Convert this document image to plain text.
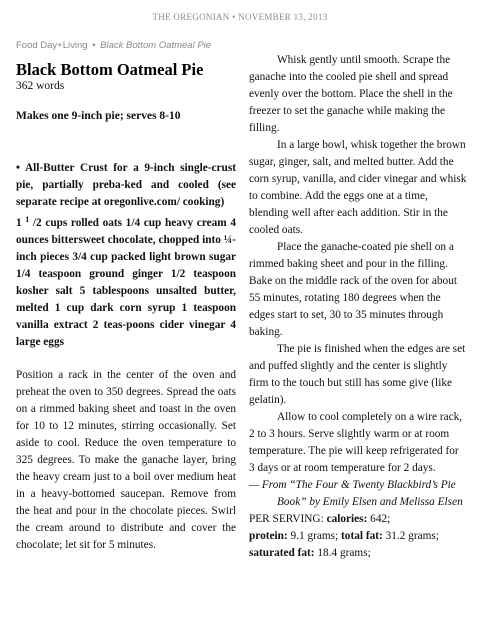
THE OREGONIAN • NOVEMBER 13, 2013
Food Day+Living • Black Bottom Oatmeal Pie
Black Bottom Oatmeal Pie

362 words

Makes one 9-inch pie; serves 8-10

• All-Butter Crust for a 9-inch single-crust pie, partially preba-ked and cooled (see separate recipe at oregonlive.com/ cooking)

1 $^1$ /2 cups rolled oats 1/4 cup heavy cream 4 ounces bittersweet chocolate, chopped into ¼-inch pieces 3/4 cup packed light brown sugar 1/4 teaspoon ground ginger 1/2 teaspoon kosher salt 5 tablespoons unsalted butter, melted 1 cup dark corn syrup 1 teaspoon vanilla extract 2 teas-poons cider vinegar 4 large eggs

Position a rack in the center of the oven and preheat the oven to 350 degrees. Spread the oats on a rimmed baking sheet and toast in the oven for 10 to 12 minutes, stirring occasionally. Set aside to cool. Reduce the oven temperature to 325 degrees. To make the ganache layer, bring the heavy cream just to a boil over medium heat in a heavy-bottomed saucepan. Remove from the heat and pour in the chocolate pieces. Swirl the cream around to distribute and cover the chocolate; let sit for 5 minutes.

Whisk gently until smooth. Scrape the ganache into the cooled pie shell and spread evenly over the bottom. Place the shell in the freezer to set the ganache while making the filling.

In a large bowl, whisk together the brown sugar, ginger, salt, and melted butter. Add the corn syrup, vanilla, and cider vinegar and whisk to combine. Add the eggs one at a time, blending well after each addition. Stir in the cooled oats.

Place the ganache-coated pie shell on a rimmed baking sheet and pour in the filling. Bake on the middle rack of the oven for about 55 minutes, rotating 180 degrees when the edges start to set, 30 to 35 minutes through baking.

The pie is finished when the edges are set and puffed slightly and the center is slightly firm to the touch but still has some give (like gelatin).

Allow to cool completely on a wire rack, 2 to 3 hours. Serve slightly warm or at room temperature. The pie will keep refrigerated for 3 days or at room temperature for 2 days.

— From “The Four & Twenty Blackbird’s Pie

Book” by Emily Elsen and Melissa Elsen

PER SERVING: calories: 642;
protein: 9.1 grams; total fat: 31.2 grams; saturated fat: 18.4 grams;
